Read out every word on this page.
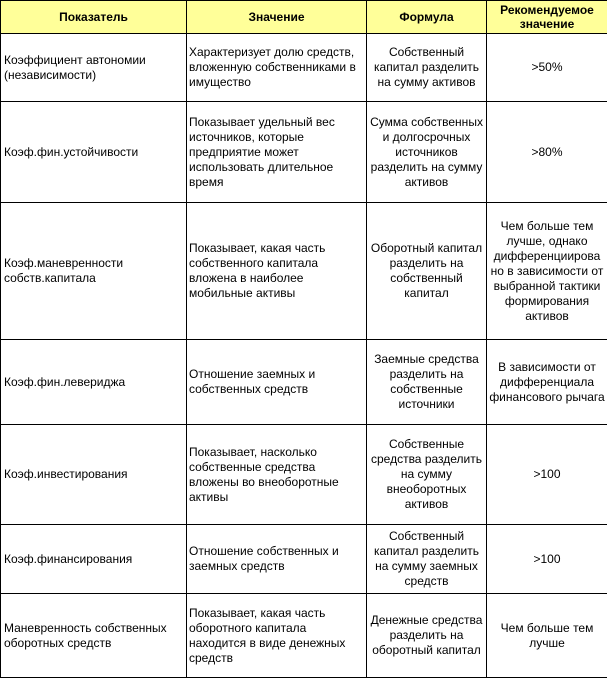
Показатель	Значение	Формула	Рекомендуемое значение
Коэффициент автономии (независимости)	Характеризует долю средств, вложенную собственниками в имущество	Собственный капитал разделить на сумму активов	>50%
Коэф.фин.устойчивости	Показывает удельный вес источников, которые предприятие может использовать длительное время	Сумма собственных и долгосрочных источников разделить на сумму активов	>80%
Коэф.маневренности собств.капитала	Показывает, какая часть собственного капитала вложена в наиболее мобильные активы	Оборотный капитал разделить на собственный капитал	Чем больше тем лучше, однако дифференциирова но в зависимости от выбранной тактики формирования активов
Коэф.фин.левериджа	Отношение заемных и собственных средств	Заемные средства разделить на собственные источники	В зависимости от дифференциала финансового рычага
Коэф.инвестирования	Показывает, насколько собственные средства вложены во внеоборотные активы	Собственные средства разделить на сумму внеоборотных активов	>100
Коэф.финансирования	Отношение собственных и заемных средств	Собственный капитал разделить на сумму заемных средств	>100
Маневренность собственных оборотных средств	Показывает, какая часть оборотного капитала находится в виде денежных средств	Денежные средства разделить на оборотный капитал	Чем больше тем лучше
